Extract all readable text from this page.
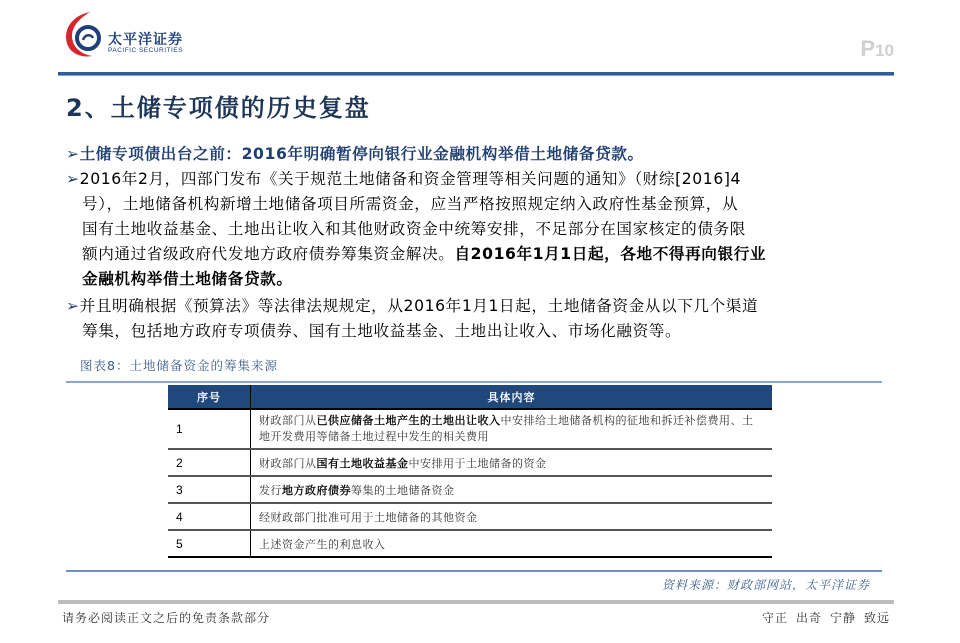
太平洋证券
PACIFIC SECURITIES	P10
2、土储专项债的历史复盘
➢土储专项债出台之前：2016年明确暂停向银行业金融机构举借土地储备贷款。
➢2016年2月，四部门发布《关于规范土地储备和资金管理等相关问题的通知》（财综[2016]4
号），土地储备机构新增土地储备项目所需资金，应当严格按照规定纳入政府性基金预算，从
国有土地收益基金、土地出让收入和其他财政资金中统筹安排，不足部分在国家核定的债务限
额内通过省级政府代发地方政府债券筹集资金解决。自2016年1月1日起，各地不得再向银行业
金融机构举借土地储备贷款。
➢并且明确根据《预算法》等法律法规规定，从2016年1月1日起，土地储备资金从以下几个渠道
筹集，包括地方政府专项债券、国有土地收益基金、土地出让收入、市场化融资等。
图表8：土地储备资金的筹集来源
序号	具体内容
1	财政部门从已供应储备土地产生的土地出让收入中安排给土地储备机构的征地和拆迁补偿费用、土地开发费用等储备土地过程中发生的相关费用
2	财政部门从国有土地收益基金中安排用于土地储备的资金
3	发行地方政府债券筹集的土地储备资金
4	经财政部门批准可用于土地储备的其他资金
5	上述资金产生的利息收入
资料来源：财政部网站，太平洋证券
请务必阅读正文之后的免责条款部分	守正 出奇 宁静 致远
